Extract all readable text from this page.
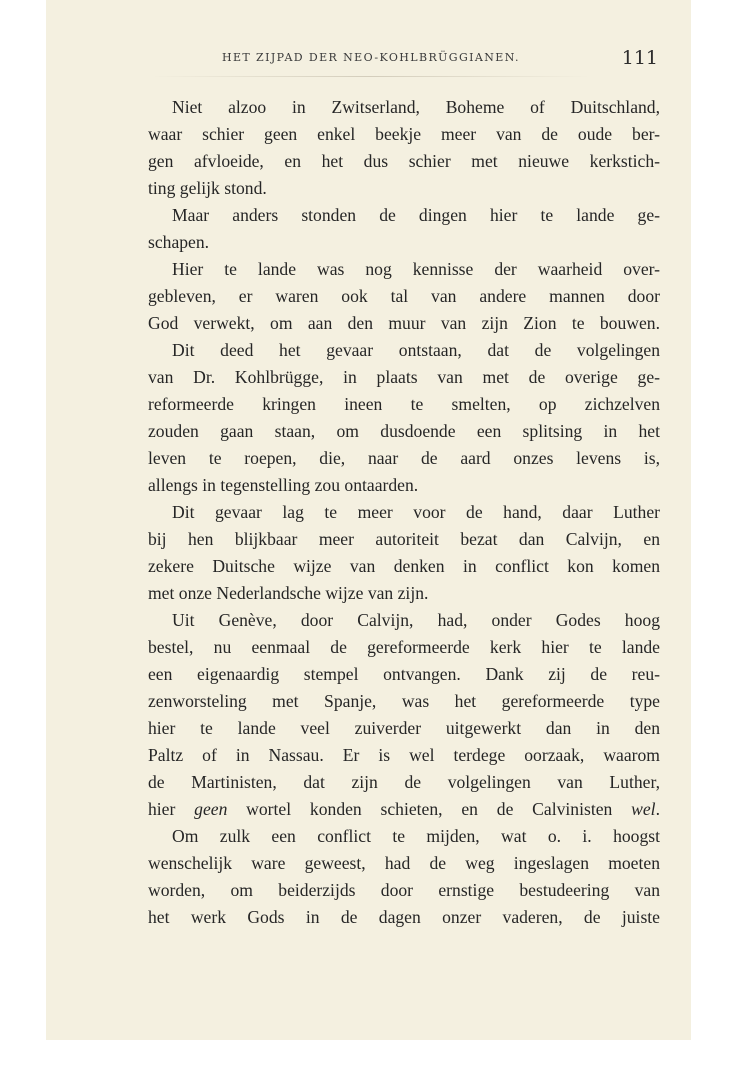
HET ZIJPAD DER NEO-KOHLBRÜGGIANEN.	111
Niet alzoo in Zwitserland, Boheme of Duitschland,
waar schier geen enkel beekje meer van de oude ber-
gen afvloeide, en het dus schier met nieuwe kerkstich-
ting gelijk stond.
Maar anders stonden de dingen hier te lande ge-
schapen.
Hier te lande was nog kennisse der waarheid over-
gebleven, er waren ook tal van andere mannen door
God verwekt, om aan den muur van zijn Zion te bouwen.
Dit deed het gevaar ontstaan, dat de volgelingen
van Dr. Kohlbrügge, in plaats van met de overige ge-
reformeerde kringen ineen te smelten, op zichzelven
zouden gaan staan, om dusdoende een splitsing in het
leven te roepen, die, naar de aard onzes levens is,
allengs in tegenstelling zou ontaarden.
Dit gevaar lag te meer voor de hand, daar Luther
bij hen blijkbaar meer autoriteit bezat dan Calvijn, en
zekere Duitsche wijze van denken in conflict kon komen
met onze Nederlandsche wijze van zijn.
Uit Genève, door Calvijn, had, onder Godes hoog
bestel, nu eenmaal de gereformeerde kerk hier te lande
een eigenaardig stempel ontvangen. Dank zij de reu-
zenworsteling met Spanje, was het gereformeerde type
hier te lande veel zuiverder uitgewerkt dan in den
Paltz of in Nassau. Er is wel terdege oorzaak, waarom
de Martinisten, dat zijn de volgelingen van Luther,
hier geen wortel konden schieten, en de Calvinisten wel.
Om zulk een conflict te mijden, wat o. i. hoogst
wenschelijk ware geweest, had de weg ingeslagen moeten
worden, om beiderzijds door ernstige bestudeering van
het werk Gods in de dagen onzer vaderen, de juiste
